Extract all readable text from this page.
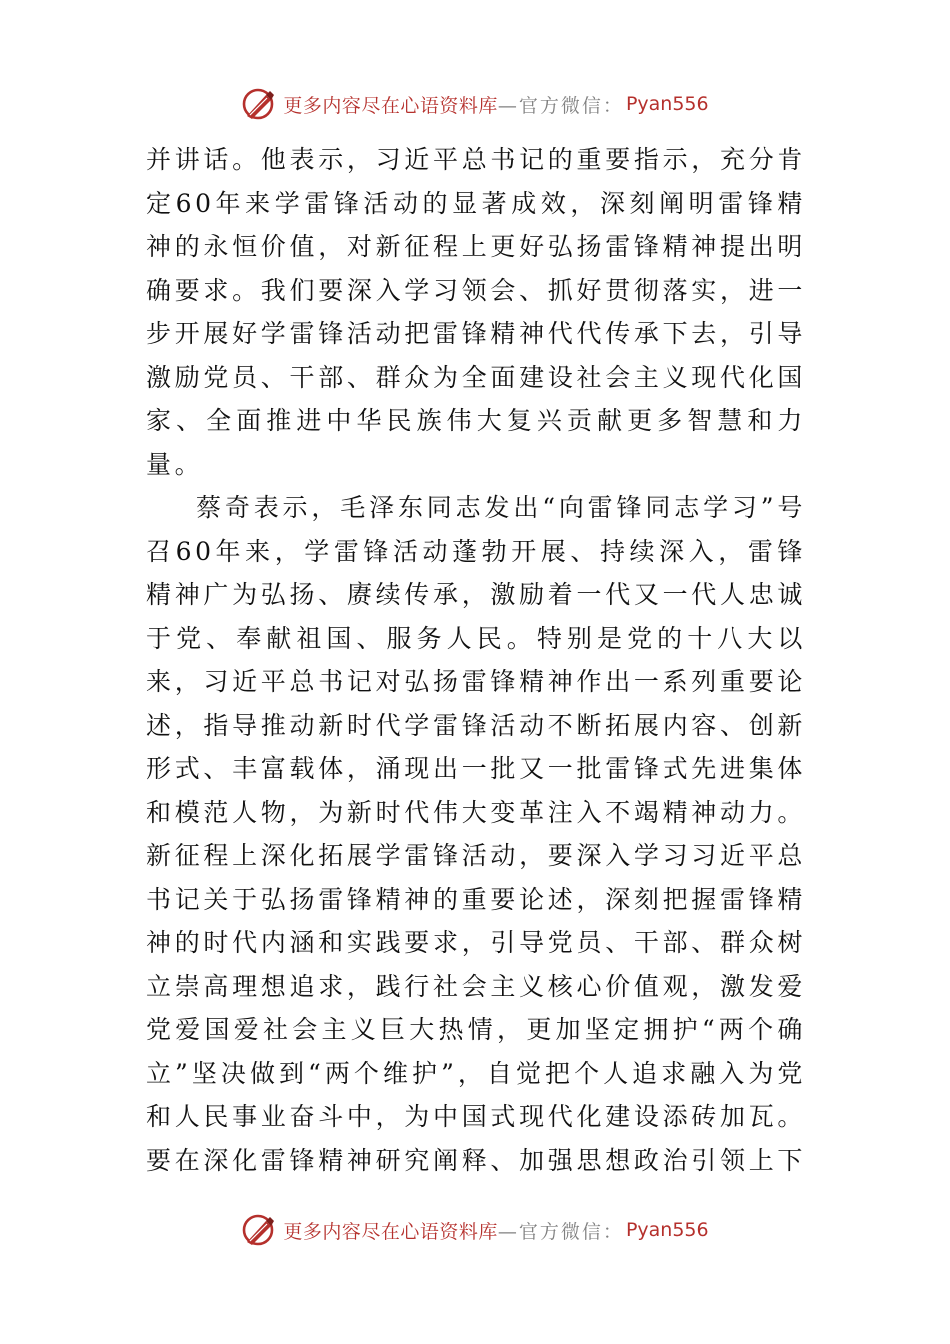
更多内容尽在心语资料库 —官方微信： Pyan556

并讲话。他表示，习近平总书记的重要指示，充分肯定60年来学雷锋活动的显著成效，深刻阐明雷锋精神的永恒价值，对新征程上更好弘扬雷锋精神提出明确要求。我们要深入学习领会、抓好贯彻落实，进一步开展好学雷锋活动把雷锋精神代代传承下去，引导激励党员、干部、群众为全面建设社会主义现代化国家、全面推进中华民族伟大复兴贡献更多智慧和力量。

蔡奇表示，毛泽东同志发出“向雷锋同志学习”号召60年来，学雷锋活动蓬勃开展、持续深入，雷锋精神广为弘扬、赓续传承，激励着一代又一代人忠诚于党、奉献祖国、服务人民。特别是党的十八大以来，习近平总书记对弘扬雷锋精神作出一系列重要论述，指导推动新时代学雷锋活动不断拓展内容、创新形式、丰富载体，涌现出一批又一批雷锋式先进集体和模范人物，为新时代伟大变革注入不竭精神动力。新征程上深化拓展学雷锋活动，要深入学习习近平总书记关于弘扬雷锋精神的重要论述，深刻把握雷锋精神的时代内涵和实践要求，引导党员、干部、群众树立崇高理想追求，践行社会主义核心价值观，激发爱党爱国爱社会主义巨大热情，更加坚定拥护“两个确立”坚决做到“两个维护”，自觉把个人追求融入为党和人民事业奋斗中，为中国式现代化建设添砖加瓦。要在深化雷锋精神研究阐释、加强思想政治引领上下

更多内容尽在心语资料库 —官方微信： Pyan556
